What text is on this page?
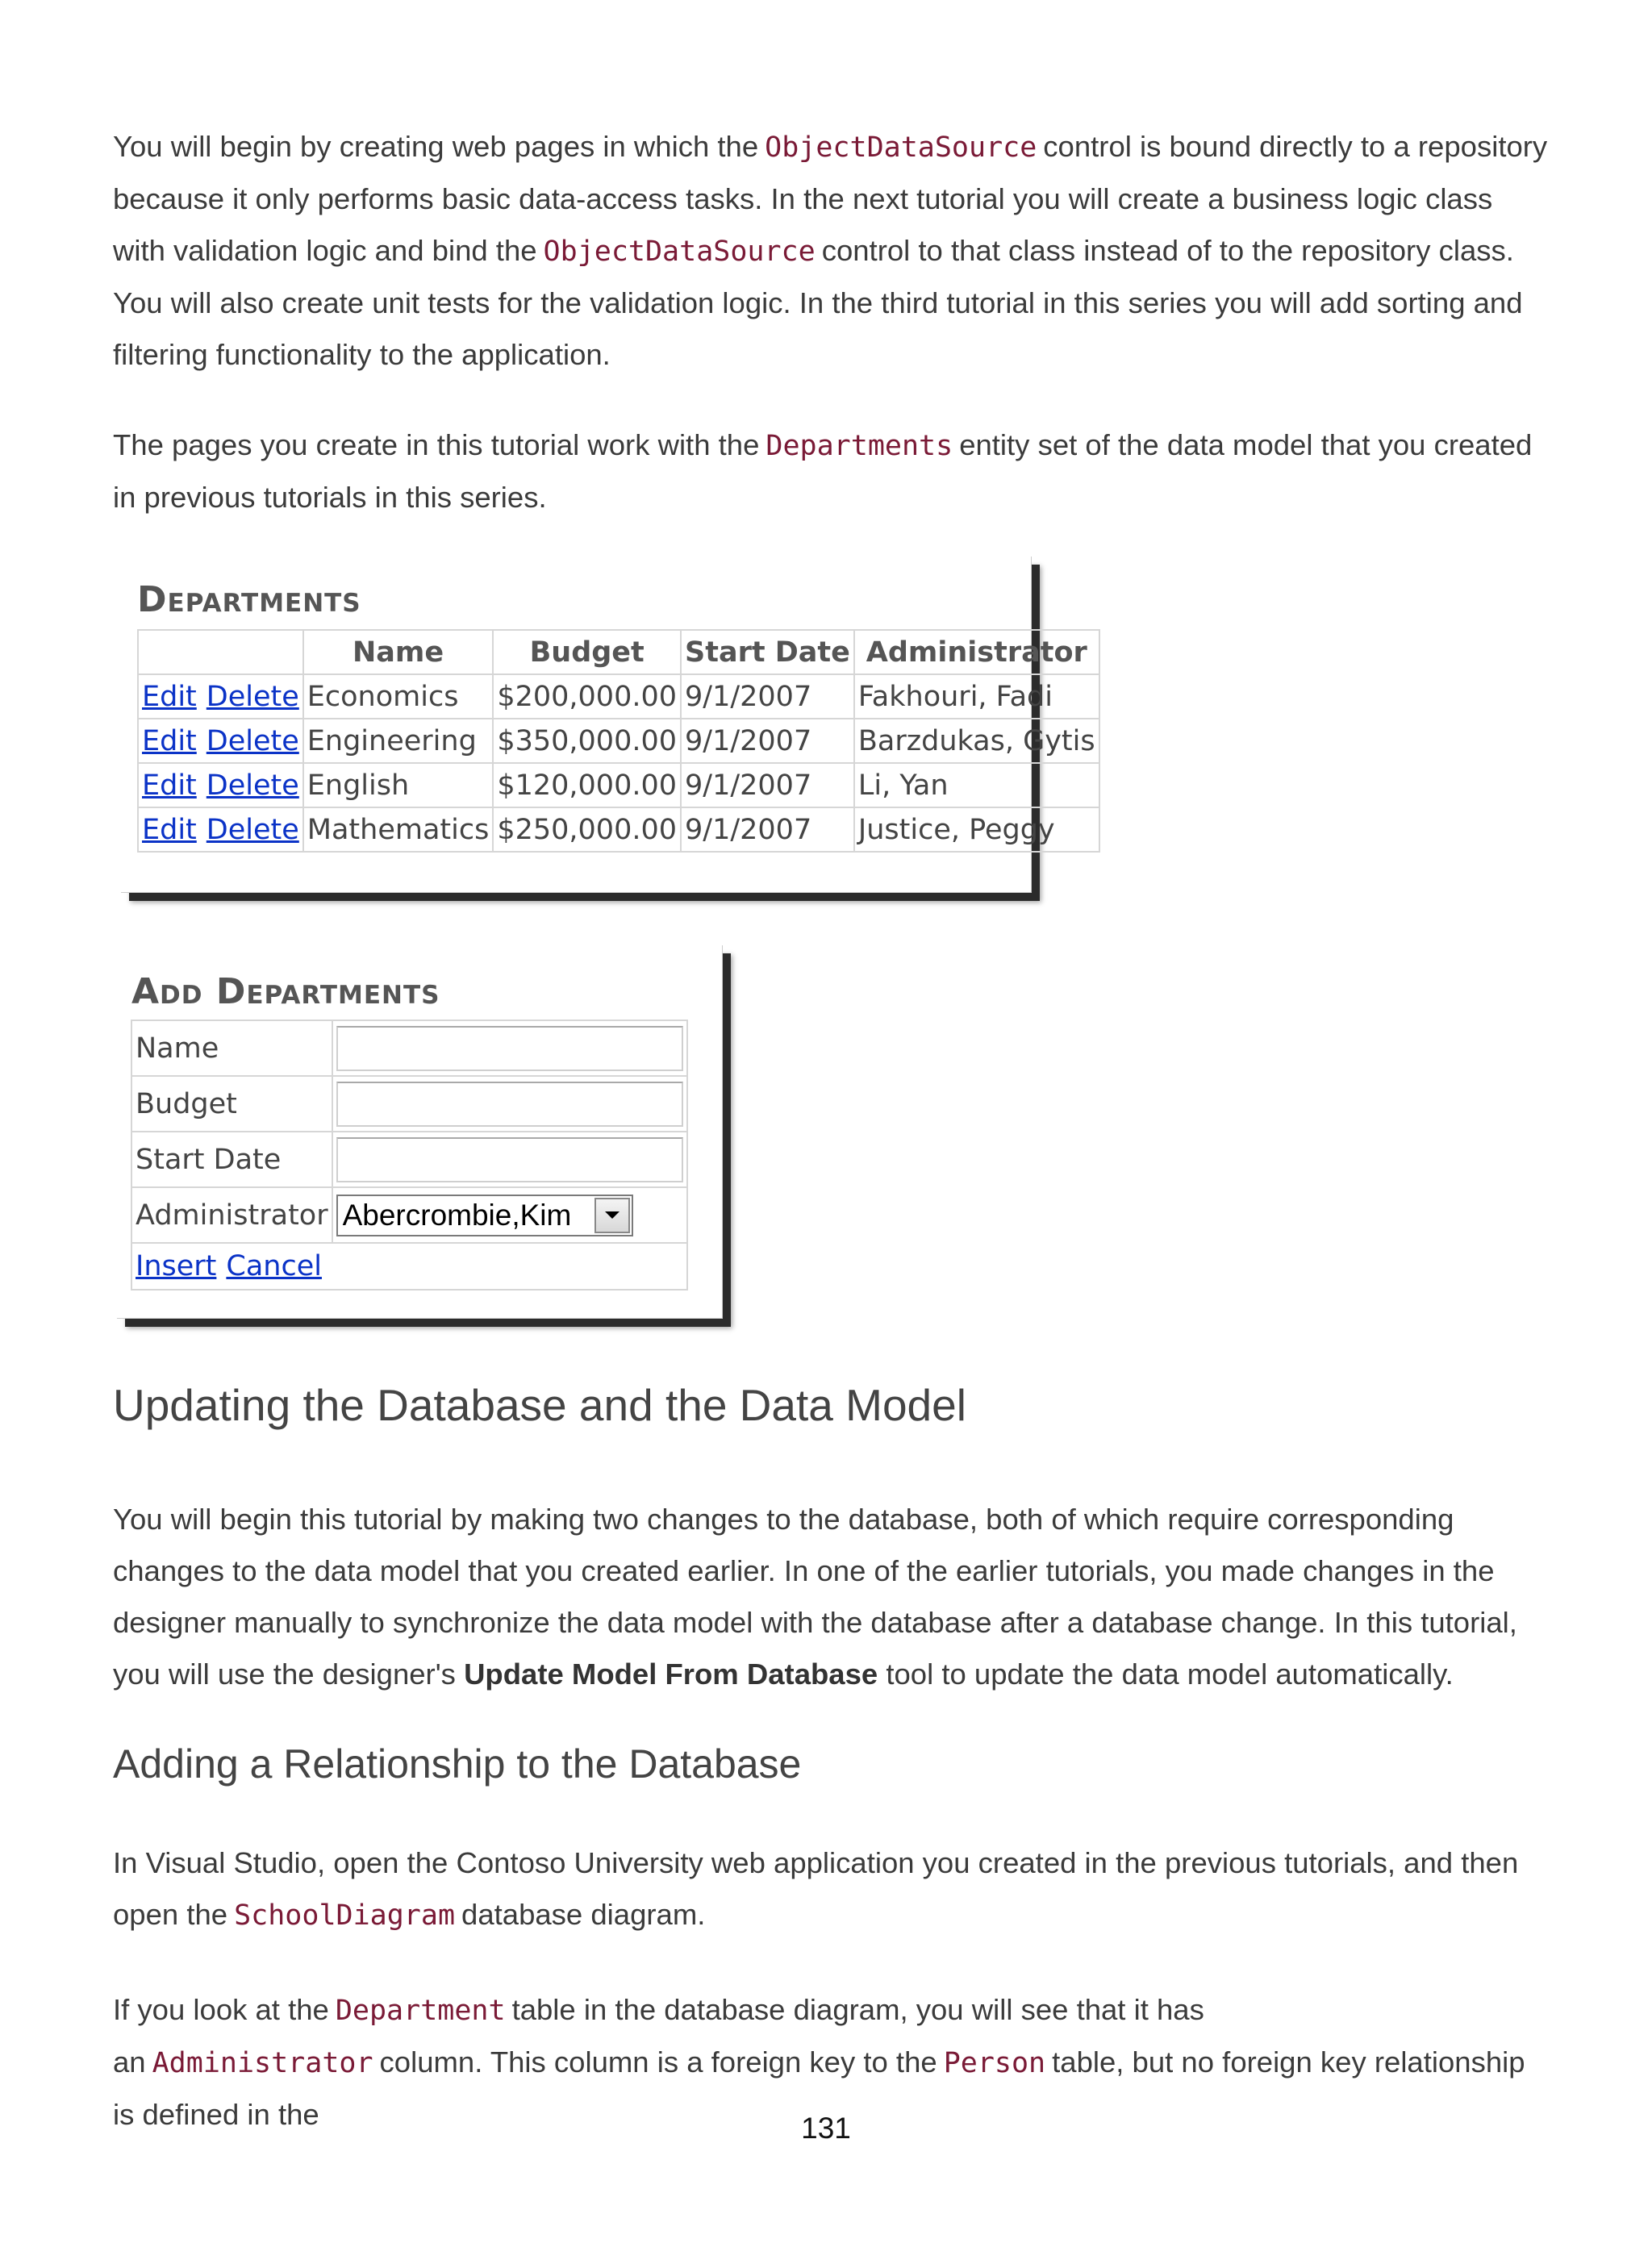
You will begin by creating web pages in which the ObjectDataSource control is bound directly to a repository because it only performs basic data-access tasks. In the next tutorial you will create a business logic class with validation logic and bind the ObjectDataSource control to that class instead of to the repository class. You will also create unit tests for the validation logic. In the third tutorial in this series you will add sorting and filtering functionality to the application.

The pages you create in this tutorial work with the Departments entity set of the data model that you created in previous tutorials in this series.

Departments
	Name	Budget	Start Date	Administrator
Edit Delete	Economics	$200,000.00	9/1/2007	Fakhouri, Fadi
Edit Delete	Engineering	$350,000.00	9/1/2007	Barzdukas, Gytis
Edit Delete	English	$120,000.00	9/1/2007	Li, Yan
Edit Delete	Mathematics	$250,000.00	9/1/2007	Justice, Peggy
Add Departments
Name	

Budget	

Start Date	

Administrator	Abercrombie,Kim

Insert Cancel	
Updating the Database and the Data Model

You will begin this tutorial by making two changes to the database, both of which require corresponding changes to the data model that you created earlier. In one of the earlier tutorials, you made changes in the designer manually to synchronize the data model with the database after a database change. In this tutorial, you will use the designer's Update Model From Database tool to update the data model automatically.

Adding a Relationship to the Database

In Visual Studio, open the Contoso University web application you created in the previous tutorials, and then open the SchoolDiagram database diagram.

If you look at the Department table in the database diagram, you will see that it has an Administrator column. This column is a foreign key to the Person table, but no foreign key relationship is defined in the	131
